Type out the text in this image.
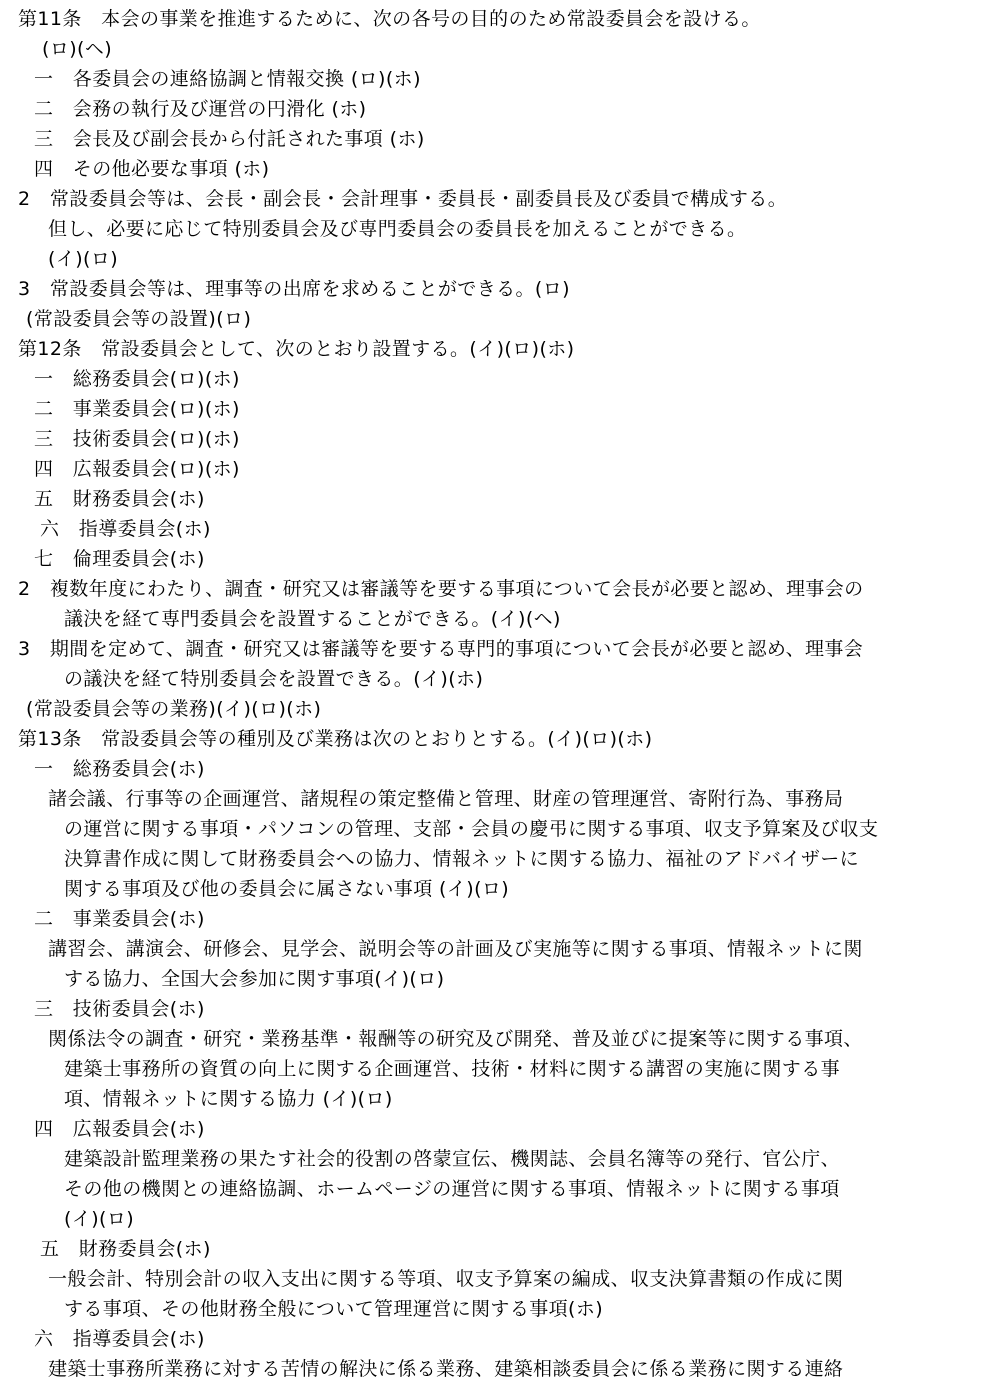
第11条　本会の事業を推進するために、次の各号の目的のため常設委員会を設ける。
(ロ)(ヘ)
一　各委員会の連絡協調と情報交換 (ロ)(ホ)
二　会務の執行及び運営の円滑化 (ホ)
三　会長及び副会長から付託された事項 (ホ)
四　その他必要な事項 (ホ)
2　常設委員会等は、会長・副会長・会計理事・委員長・副委員長及び委員で構成する。
但し、必要に応じて特別委員会及び専門委員会の委員長を加えることができる。
(イ)(ロ)
3　常設委員会等は、理事等の出席を求めることができる。(ロ)
(常設委員会等の設置)(ロ)
第12条　常設委員会として、次のとおり設置する。(イ)(ロ)(ホ)
一　総務委員会(ロ)(ホ)
二　事業委員会(ロ)(ホ)
三　技術委員会(ロ)(ホ)
四　広報委員会(ロ)(ホ)
五　財務委員会(ホ)
六　指導委員会(ホ)
七　倫理委員会(ホ)
2　複数年度にわたり、調査・研究又は審議等を要する事項について会長が必要と認め、理事会の
議決を経て専門委員会を設置することができる。(イ)(ヘ)
3　期間を定めて、調査・研究又は審議等を要する専門的事項について会長が必要と認め、理事会
の議決を経て特別委員会を設置できる。(イ)(ホ)
(常設委員会等の業務)(イ)(ロ)(ホ)
第13条　常設委員会等の種別及び業務は次のとおりとする。(イ)(ロ)(ホ)
一　総務委員会(ホ)
諸会議、行事等の企画運営、諸規程の策定整備と管理、財産の管理運営、寄附行為、事務局
の運営に関する事項・パソコンの管理、支部・会員の慶弔に関する事項、収支予算案及び収支
決算書作成に関して財務委員会への協力、情報ネットに関する協力、福祉のアドバイザーに
関する事項及び他の委員会に属さない事項 (イ)(ロ)
二　事業委員会(ホ)
講習会、講演会、研修会、見学会、説明会等の計画及び実施等に関する事項、情報ネットに関
する協力、全国大会参加に関す事項(イ)(ロ)
三　技術委員会(ホ)
関係法令の調査・研究・業務基準・報酬等の研究及び開発、普及並びに提案等に関する事項、
建築士事務所の資質の向上に関する企画運営、技術・材料に関する講習の実施に関する事
項、情報ネットに関する協力 (イ)(ロ)
四　広報委員会(ホ)
建築設計監理業務の果たす社会的役割の啓蒙宣伝、機関誌、会員名簿等の発行、官公庁、
その他の機関との連絡協調、ホームページの運営に関する事項、情報ネットに関する事項
(イ)(ロ)
五　財務委員会(ホ)
一般会計、特別会計の収入支出に関する等項、収支予算案の編成、収支決算書類の作成に関
する事項、その他財務全般について管理運営に関する事項(ホ)
六　指導委員会(ホ)
建築士事務所業務に対する苦情の解決に係る業務、建築相談委員会に係る業務に関する連絡
